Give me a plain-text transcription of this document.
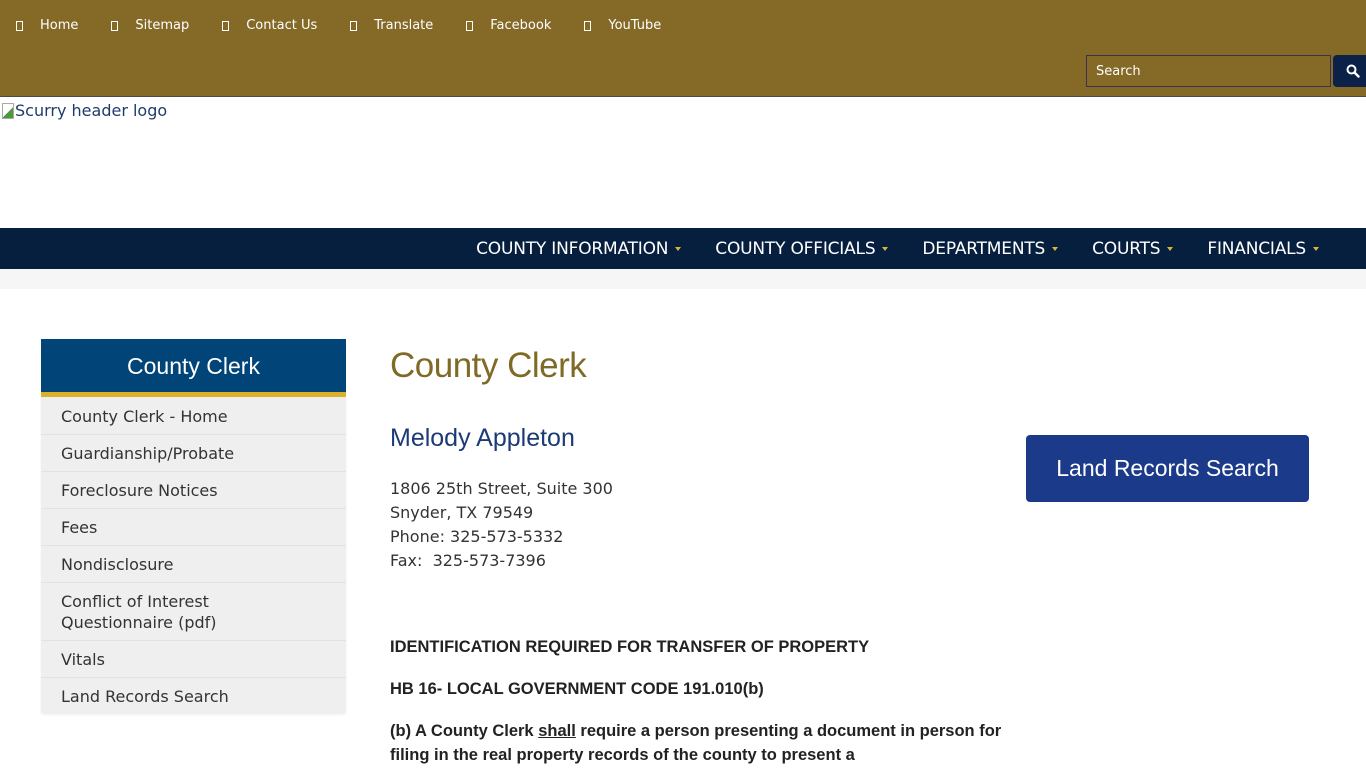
Home	Sitemap	Contact Us	Translate	Facebook	YouTube
Search
Scurry header logo
COUNTY INFORMATION	COUNTY OFFICIALS	DEPARTMENTS	COURTS	FINANCIALS
County Clerk
County Clerk - Home
Guardianship/Probate
Foreclosure Notices
Fees
Nondisclosure
Conflict of Interest Questionnaire (pdf)
Vitals
Land Records Search
County Clerk
Melody Appleton
1806 25th Street, Suite 300
Snyder, TX 79549
Phone: 325-573-5332
Fax:  325-573-7396

IDENTIFICATION REQUIRED FOR TRANSFER OF PROPERTY

HB 16- LOCAL GOVERNMENT CODE 191.010(b)

(b) A County Clerk shall require a person presenting a document in person for filing in the real property records of the county to present a

Land Records Search
